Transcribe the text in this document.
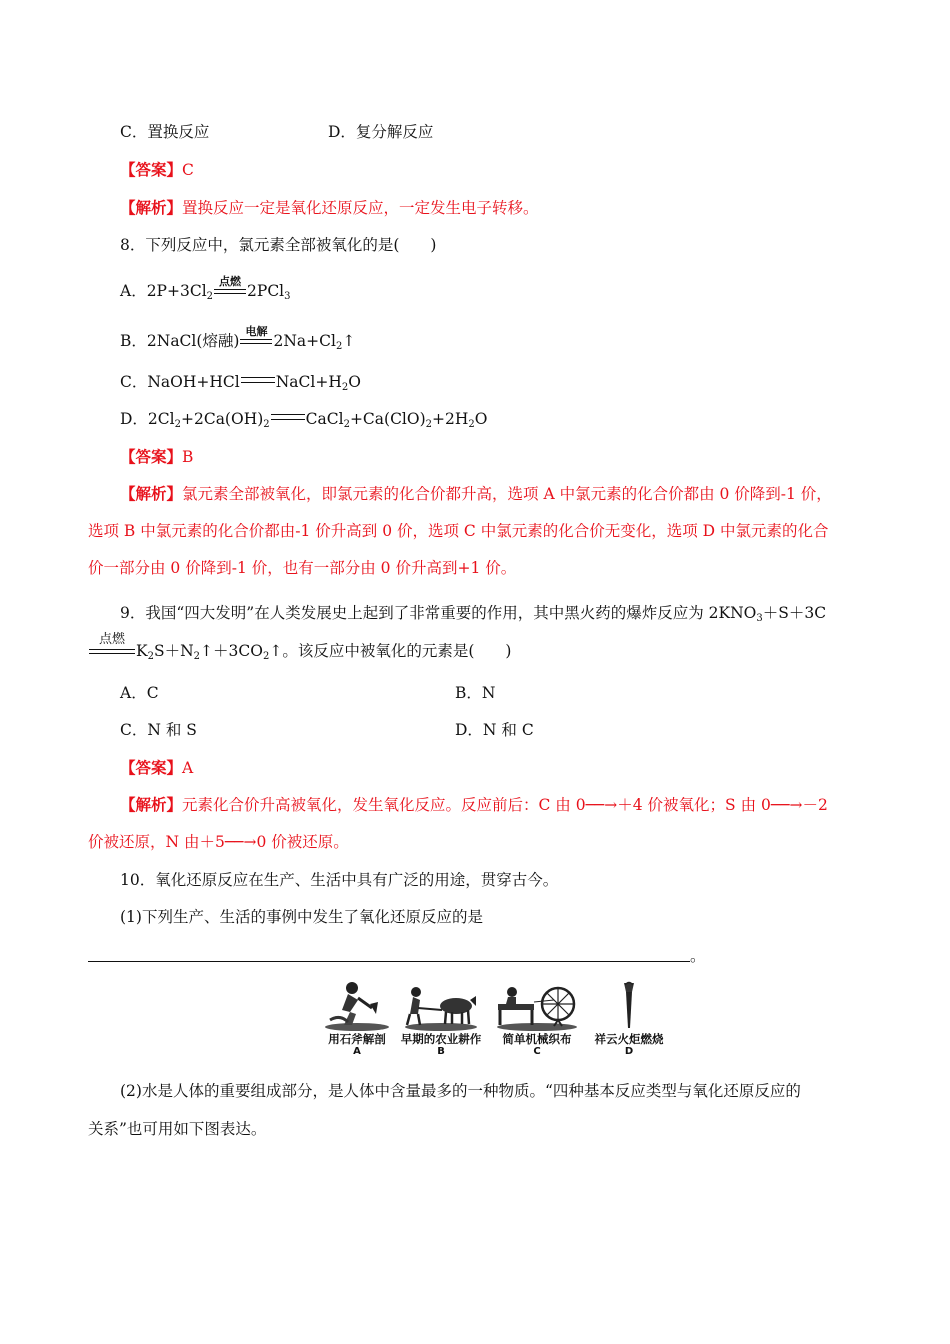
C．置换反应	D．复分解反应
【答案】C
【解析】置换反应一定是氧化还原反应，一定发生电子转移。
8．下列反应中，氯元素全部被氧化的是(　　)
A．$2P+3Cl_2$
点燃
2PCl$_3$
B．2NaCl(熔融)
电解
$2Na+Cl_2↑$
C．NaOH+HCl $NaCl+H_2O$
D．$2Cl_2+2Ca(OH)_2$ $CaCl_2+Ca(ClO)_2+2H_2O$
【答案】B
【解析】氯元素全部被氧化，即氯元素的化合价都升高，选项 A 中氯元素的化合价都由 0 价降到-1 价，
选项 B 中氯元素的化合价都由-1 价升高到 0 价，选项 C 中氯元素的化合价无变化，选项 D 中氯元素的化合
价一部分由 0 价降到-1 价，也有一部分由 0 价升高到+1 价。
9．我国“四大发明”在人类发展史上起到了非常重要的作用，其中黑火药的爆炸反应为 $2KNO_3+S+3C$
点燃
$K_2S+N_2↑+3CO_2↑$。该反应中被氧化的元素是(　　)
A．C	B．N
C．N 和 S	D．N 和 C
【答案】A
【解析】元素化合价升高被氧化，发生氧化反应。反应前后：C 由 0──→＋4 价被氧化；S 由 0──→－2
价被还原，N 由＋5──→0 价被还原。
10．氧化还原反应在生产、生活中具有广泛的用途，贯穿古今。
(1)下列生产、生活的事例中发生了氧化还原反应的是
。
用石斧解剖
A
早期的农业耕作
B
简单机械织布
C
祥云火炬燃烧
D
(2)水是人体的重要组成部分，是人体中含量最多的一种物质。“四种基本反应类型与氧化还原反应的
关系”也可用如下图表达。
